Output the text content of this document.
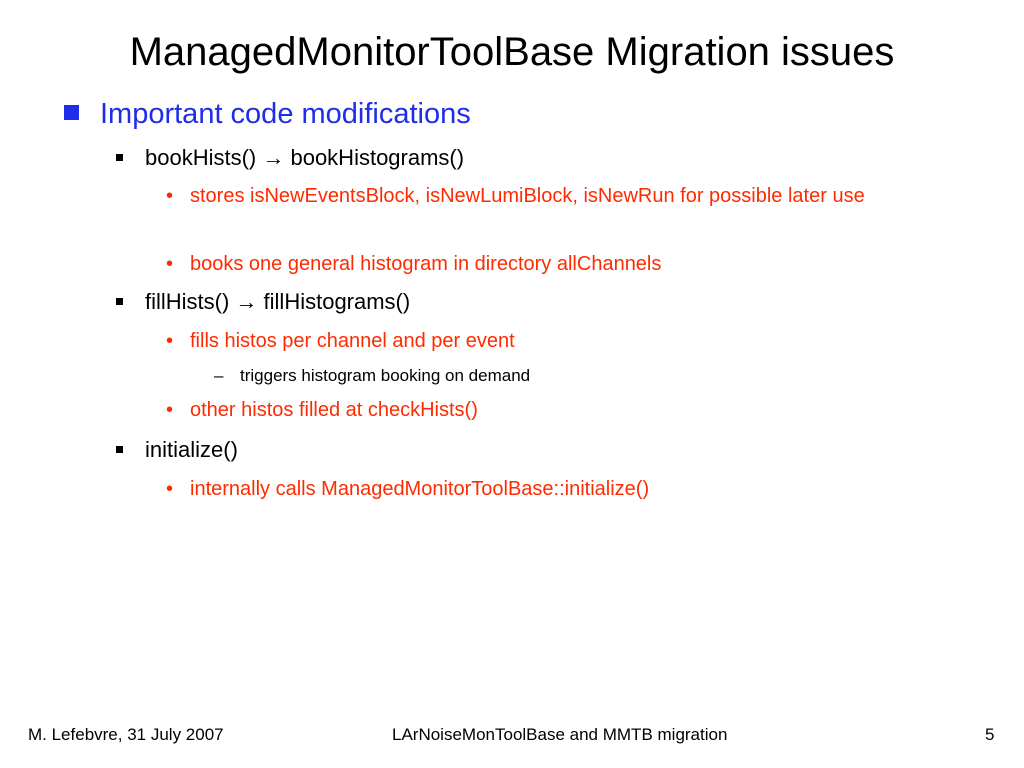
ManagedMonitorToolBase Migration issues
Important code modifications
bookHists() → bookHistograms()
• stores isNewEventsBlock, isNewLumiBlock, isNewRun for possible later use
• books one general histogram in directory allChannels
fillHists() → fillHistograms()
• fills histos per channel and per event
– triggers histogram booking on demand
• other histos filled at checkHists()
initialize()
• internally calls ManagedMonitorToolBase::initialize()
M. Lefebvre, 31 July 2007	LArNoiseMonToolBase and MMTB migration	5
